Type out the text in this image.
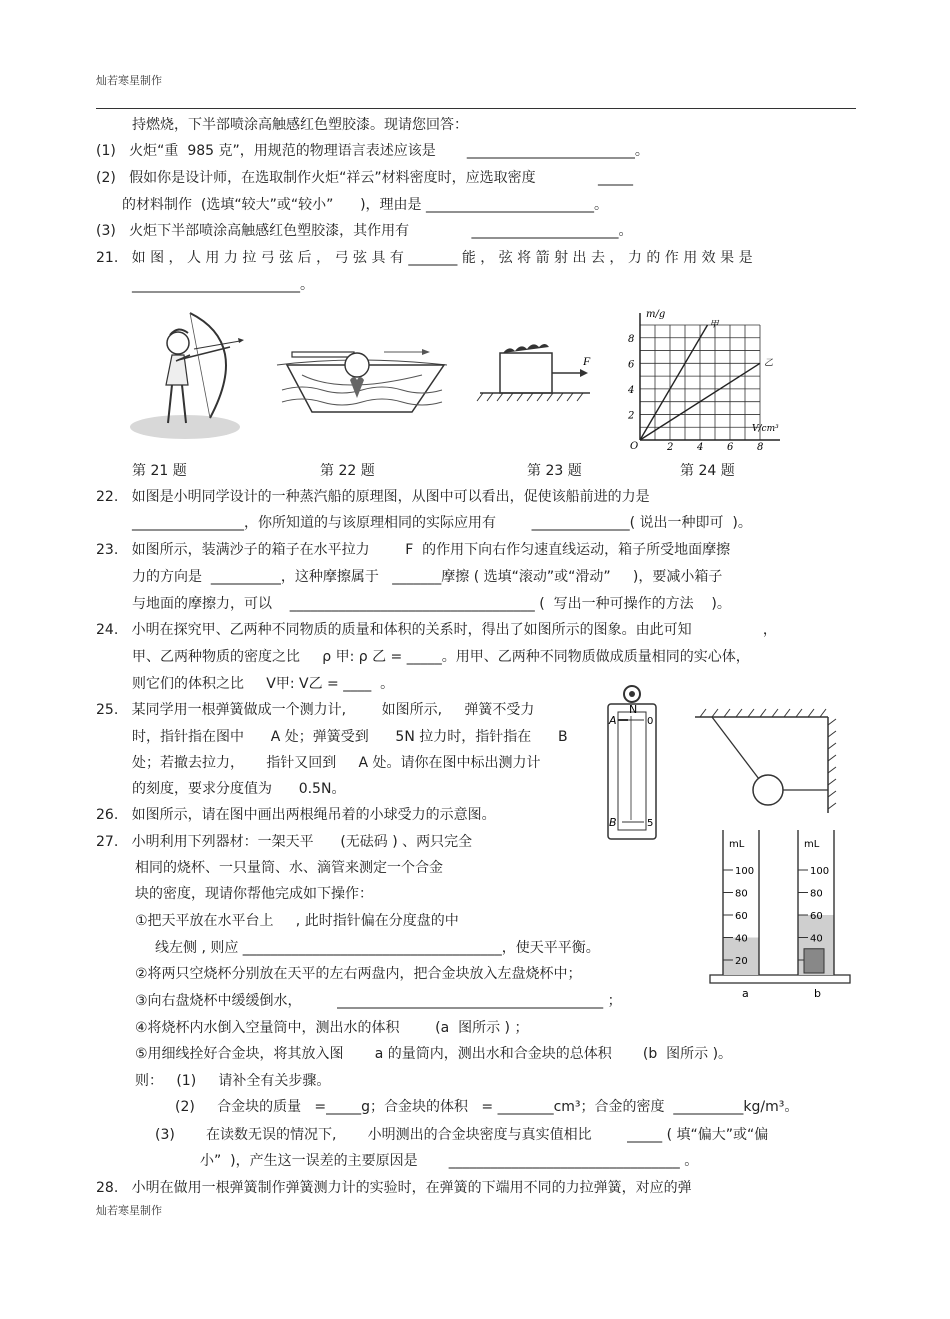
灿若寒星制作
灿若寒星制作
持燃烧，下半部喷涂高触感红色塑胶漆。现请您回答：
(1)   火炬“重  985 克”，用规范的物理语言表述应该是       ________________________。
(2)   假如你是设计师，在选取制作火炬“祥云”材料密度时，应选取密度              _____
的材料制作  (选填“较大”或“较小”      )，理由是 ________________________。
(3)   火炬下半部喷涂高触感红色塑胶漆，其作用有              _____________________。
21.   如 图 ， 人 用 力 拉 弓 弦 后 ， 弓 弦 具 有 _______ 能 ， 弦 将 箭 射 出 去 ， 力 的 作 用 效 果 是
________________________。
22.   如图是小明同学设计的一种蒸汽船的原理图，从图中可以看出，促使该船前进的力是
________________，你所知道的与该原理相同的实际应用有        ______________( 说出一种即可  )。
23.   如图所示，装满沙子的箱子在水平拉力        F  的作用下向右作匀速直线运动，箱子所受地面摩擦
力的方向是  __________，这种摩擦属于   _______摩擦 ( 选填“滚动”或“滑动”     )，要减小箱子
与地面的摩擦力，可以    ___________________________________ (  写出一种可操作的方法    )。
24.   小明在探究甲、乙两种不同物质的质量和体积的关系时，得出了如图所示的图象。由此可知                ，
甲、乙两种物质的密度之比     ρ 甲: ρ 乙 = _____。用甲、乙两种不同物质做成质量相同的实心体，
则它们的体积之比     V甲: V乙 = ____  。
25.   某同学用一根弹簧做成一个测力计,        如图所示,     弹簧不受力
时，指针指在图中      A 处；弹簧受到      5N 拉力时，指针指在      B
处；若撤去拉力，     指针又回到     A 处。请你在图中标出测力计
的刻度，要求分度值为      0.5N。
26.   如图所示，请在图中画出两根绳吊着的小球受力的示意图。
27.   小明利用下列器材：一架天平      (无砝码 ) 、两只完全
相同的烧杯、一只量筒、水、滴管来测定一个合金
块的密度，现请你帮他完成如下操作：
①把天平放在水平台上     , 此时指针偏在分度盘的中
线左侧 , 则应 _____________________________________，使天平平衡。
②将两只空烧杯分别放在天平的左右两盘内，把合金块放入左盘烧杯中；
③向右盘烧杯中缓缓倒水，        ______________________________________ ；
④将烧杯内水倒入空量筒中，测出水的体积        (a  图所示 ) ；
⑤用细线拴好合金块，将其放入图       a 的量筒内，测出水和合金块的总体积       (b  图所示 )。
则：   (1)     请补全有关步骤。
(2)     合金块的质量   =_____g；合金块的体积   = ________cm³；合金的密度  __________kg/m³。
(3)       在读数无误的情况下,       小明测出的合金块密度与真实值相比        _____ ( 填“偏大”或“偏
小”  )，产生这一误差的主要原因是       _________________________________ 。
28.   小明在做用一根弹簧制作弹簧测力计的实验时，在弹簧的下端用不同的力拉弹簧，对应的弹
F
m/g
V/cm³
O
2
4
6
8
2 4 6 8
甲
乙
第 21 题	第 22 题	第 23 题	第 24 题
N
A
B
0
5
mL
100
80
60
40
20
mL
100
80
60
40
a	b
